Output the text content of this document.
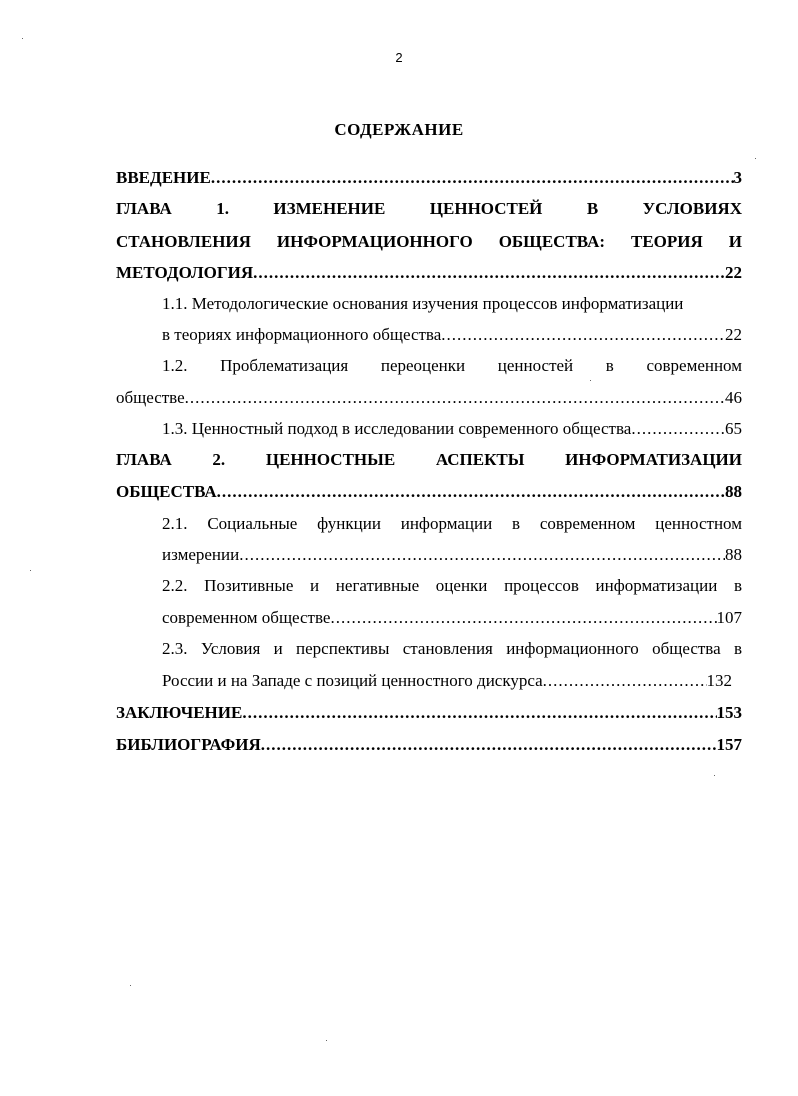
2
СОДЕРЖАНИЕ
ВВЕДЕНИЕ .....	3
ГЛАВА 1. ИЗМЕНЕНИЕ ЦЕННОСТЕЙ В УСЛОВИЯХ
СТАНОВЛЕНИЯ ИНФОРМАЦИОННОГО ОБЩЕСТВА: ТЕОРИЯ И
МЕТОДОЛОГИЯ .....	22
1.1. Методологические основания изучения процессов информатизации
в теориях информационного общества .....	22
1.2. Проблематизация переоценки ценностей в современном
обществе .....	46
1.3. Ценностный подход в исследовании современного общества .....	65
ГЛАВА 2. ЦЕННОСТНЫЕ АСПЕКТЫ ИНФОРМАТИЗАЦИИ
ОБЩЕСТВА .....	88
2.1. Социальные функции информации в современном ценностном
измерении .....	88
2.2. Позитивные и негативные оценки процессов информатизации в
современном обществе .....	107
2.3. Условия и перспективы становления информационного общества в
России и на Западе с позиций ценностного дискурса .....	132
ЗАКЛЮЧЕНИЕ .....	153
БИБЛИОГРАФИЯ .....	157
